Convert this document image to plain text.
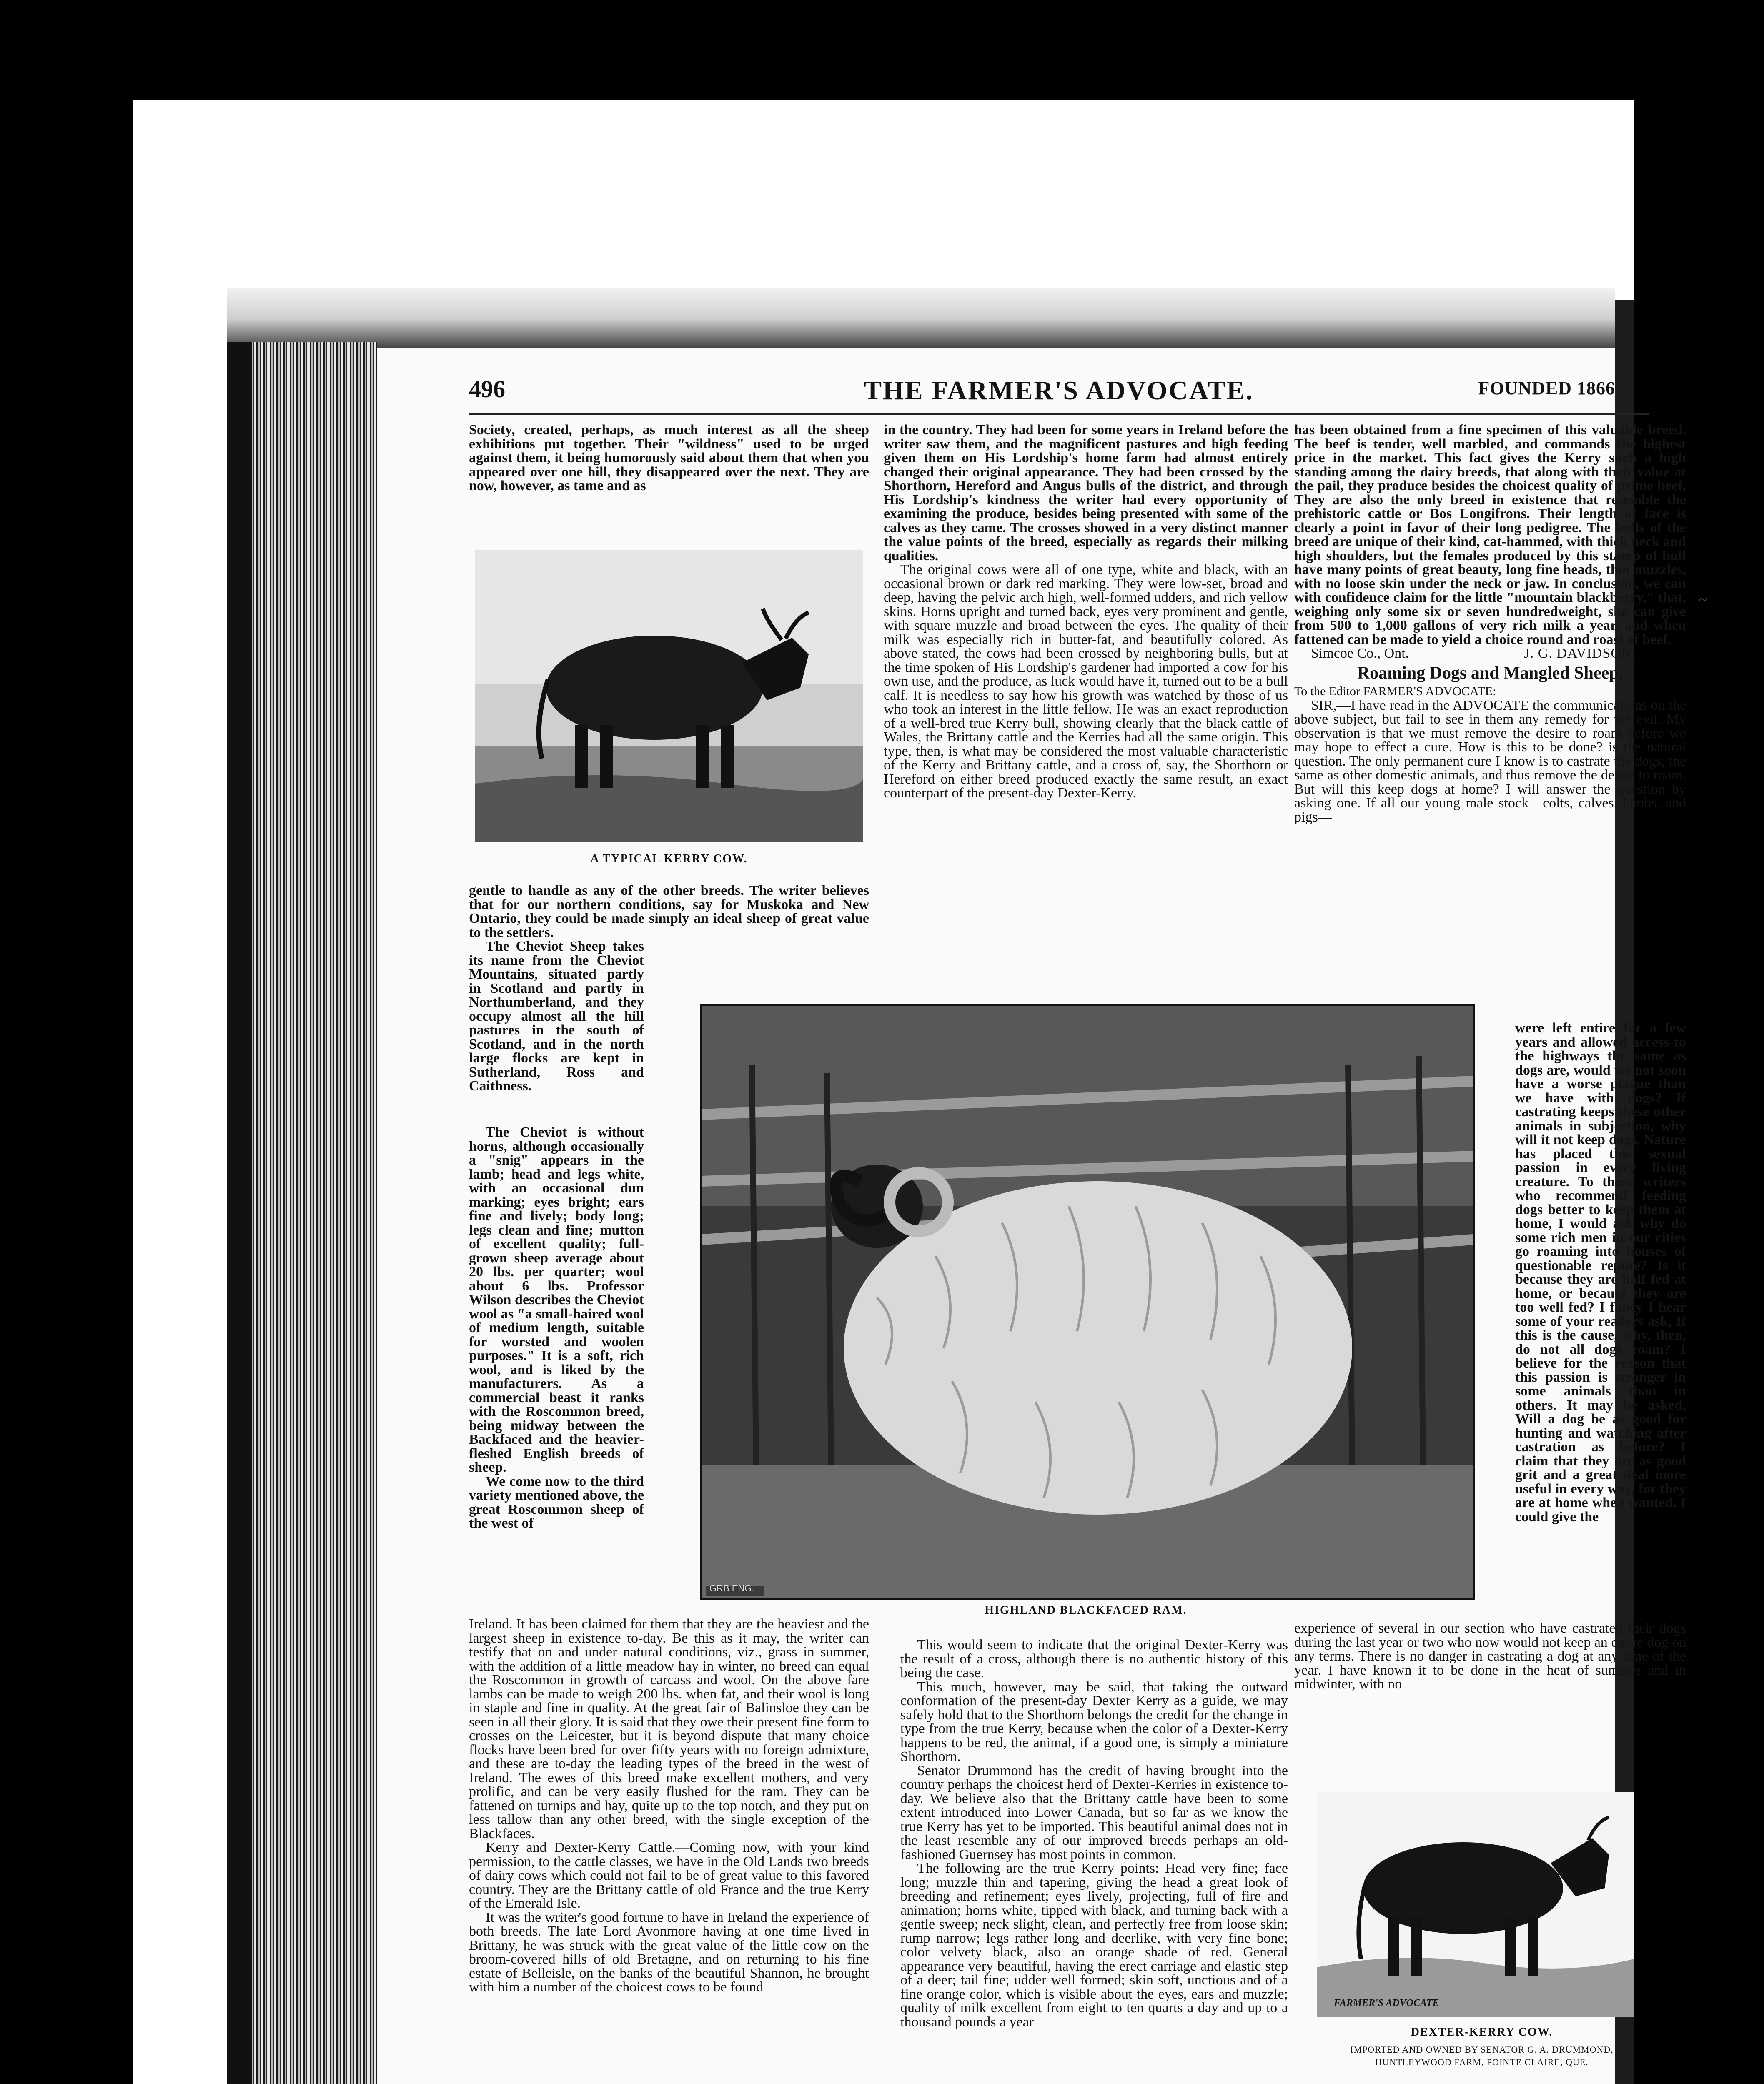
496	THE FARMER'S ADVOCATE.	FOUNDED 1866

Society, created, perhaps, as much interest as all the sheep exhibitions put together. Their "wildness" used to be urged against them, it being humorously said about them that when you appeared over one hill, they disappeared over the next. They are now, however, as tame and as

A TYPICAL KERRY COW.

gentle to handle as any of the other breeds. The writer believes that for our northern conditions, say for Muskoka and New Ontario, they could be made simply an ideal sheep of great value to the settlers.

The Cheviot Sheep takes its name from the Cheviot Mountains, situated partly in Scotland and partly in Northumberland, and they occupy almost all the hill pastures in the south of Scotland, and in the north large flocks are kept in Sutherland, Ross and Caithness.

The Cheviot is without horns, although occasionally a "snig" appears in the lamb; head and legs white, with an occasional dun marking; eyes bright; ears fine and lively; body long; legs clean and fine; mutton of excellent quality; full-grown sheep average about 20 lbs. per quarter; wool about 6 lbs. Professor Wilson describes the Cheviot wool as "a small-haired wool of medium length, suitable for worsted and woolen purposes." It is a soft, rich wool, and is liked by the manufacturers. As a commercial beast it ranks with the Roscommon breed, being midway between the Backfaced and the heavier-fleshed English breeds of sheep.

We come now to the third variety mentioned above, the great Roscommon sheep of the west of

GRB ENG.
HIGHLAND BLACKFACED RAM.

Ireland. It has been claimed for them that they are the heaviest and the largest sheep in existence to-day. Be this as it may, the writer can testify that on and under natural conditions, viz., grass in summer, with the addition of a little meadow hay in winter, no breed can equal the Roscommon in growth of carcass and wool. On the above fare lambs can be made to weigh 200 lbs. when fat, and their wool is long in staple and fine in quality. At the great fair of Balinsloe they can be seen in all their glory. It is said that they owe their present fine form to crosses on the Leicester, but it is beyond dispute that many choice flocks have been bred for over fifty years with no foreign admixture, and these are to-day the leading types of the breed in the west of Ireland. The ewes of this breed make excellent mothers, and very prolific, and can be very easily flushed for the ram. They can be fattened on turnips and hay, quite up to the top notch, and they put on less tallow than any other breed, with the single exception of the Blackfaces.

Kerry and Dexter-Kerry Cattle.—Coming now, with your kind permission, to the cattle classes, we have in the Old Lands two breeds of dairy cows which could not fail to be of great value to this favored country. They are the Brittany cattle of old France and the true Kerry of the Emerald Isle.

It was the writer's good fortune to have in Ireland the experience of both breeds. The late Lord Avonmore having at one time lived in Brittany, he was struck with the great value of the little cow on the broom-covered hills of old Bretagne, and on returning to his fine estate of Belleisle, on the banks of the beautiful Shannon, he brought with him a number of the choicest cows to be found

in the country. They had been for some years in Ireland before the writer saw them, and the magnificent pastures and high feeding given them on His Lordship's home farm had almost entirely changed their original appearance. They had been crossed by the Shorthorn, Hereford and Angus bulls of the district, and through His Lordship's kindness the writer had every opportunity of examining the produce, besides being presented with some of the calves as they came. The crosses showed in a very distinct manner the value points of the breed, especially as regards their milking qualities.

The original cows were all of one type, white and black, with an occasional brown or dark red marking. They were low-set, broad and deep, having the pelvic arch high, well-formed udders, and rich yellow skins. Horns upright and turned back, eyes very prominent and gentle, with square muzzle and broad between the eyes. The quality of their milk was especially rich in butter-fat, and beautifully colored. As above stated, the cows had been crossed by neighboring bulls, but at the time spoken of His Lordship's gardener had imported a cow for his own use, and the produce, as luck would have it, turned out to be a bull calf. It is needless to say how his growth was watched by those of us who took an interest in the little fellow. He was an exact reproduction of a well-bred true Kerry bull, showing clearly that the black cattle of Wales, the Brittany cattle and the Kerries had all the same origin. This type, then, is what may be considered the most valuable characteristic of the Kerry and Brittany cattle, and a cross of, say, the Shorthorn or Hereford on either breed produced exactly the same result, an exact counterpart of the present-day Dexter-Kerry.

This would seem to indicate that the original Dexter-Kerry was the result of a cross, although there is no authentic history of this being the case.

This much, however, may be said, that taking the outward conformation of the present-day Dexter Kerry as a guide, we may safely hold that to the Shorthorn belongs the credit for the change in type from the true Kerry, because when the color of a Dexter-Kerry happens to be red, the animal, if a good one, is simply a miniature Shorthorn.

Senator Drummond has the credit of having brought into the country perhaps the choicest herd of Dexter-Kerries in existence to-day. We believe also that the Brittany cattle have been to some extent introduced into Lower Canada, but so far as we know the true Kerry has yet to be imported. This beautiful animal does not in the least resemble any of our improved breeds perhaps an old-fashioned Guernsey has most points in common.

The following are the true Kerry points: Head very fine; face long; muzzle thin and tapering, giving the head a great look of breeding and refinement; eyes lively, projecting, full of fire and animation; horns white, tipped with black, and turning back with a gentle sweep; neck slight, clean, and perfectly free from loose skin; rump narrow; legs rather long and deerlike, with very fine bone; color velvety black, also an orange shade of red. General appearance very beautiful, having the erect carriage and elastic step of a deer; tail fine; udder well formed; skin soft, unctious and of a fine orange color, which is visible about the eyes, ears and muzzle; quality of milk excellent from eight to ten quarts a day and up to a thousand pounds a year

has been obtained from a fine specimen of this valuable breed. The beef is tender, well marbled, and commands the highest price in the market. This fact gives the Kerry such a high standing among the dairy breeds, that along with their value at the pail, they produce besides the choicest quality of prime beef. They are also the only breed in existence that resemble the prehistoric cattle or Bos Longifrons. Their length of face is clearly a point in favor of their long pedigree. The bulls of the breed are unique of their kind, cat-hammed, with thick neck and high shoulders, but the females produced by this stamp of bull have many points of great beauty, long fine heads, thin muzzles, with no loose skin under the neck or jaw. In conclusion, we can with confidence claim for the little "mountain blackberry," that, weighing only some six or seven hundredweight, she can give from 500 to 1,000 gallons of very rich milk a year, and when fattened can be made to yield a choice round and roast of beef.

Simcoe Co., Ont.	J. G. DAVIDSON.
Roaming Dogs and Mangled Sheep.

To the Editor FARMER'S ADVOCATE:

SIR,—I have read in the ADVOCATE the communications on the above subject, but fail to see in them any remedy for the evil. My observation is that we must remove the desire to roam before we may hope to effect a cure. How is this to be done? is the natural question. The only permanent cure I know is to castrate the dogs, the same as other domestic animals, and thus remove the desire to roam. But will this keep dogs at home? I will answer the question by asking one. If all our young male stock—colts, calves, lambs, and pigs—

were left entire for a few years and allowed access to the highways the same as dogs are, would we not soon have a worse plague than we have with dogs? If castrating keeps these other animals in subjection, why will it not keep dogs. Nature has placed this sexual passion in every living creature. To those writers who recommend feeding dogs better to keep them at home, I would ask why do some rich men in our cities go roaming into houses of questionable repute? Is it because they are half fed at home, or because they are too well fed? I fancy I hear some of your readers ask, If this is the cause, why, then, do not all dogs roam? I believe for the reason that this passion is stronger in some animals than in others. It may be asked, Will a dog be as good for hunting and watching after castration as before? I claim that they are as good grit and a great deal more useful in every way, for they are at home when wanted. I could give the

experience of several in our section who have castrated their dogs during the last year or two who now would not keep an entire dog on any terms. There is no danger in castrating a dog at any time of the year. I have known it to be done in the heat of summer and in midwinter, with no

FARMER'S ADVOCATE
DEXTER-KERRY COW.
IMPORTED AND OWNED BY SENATOR G. A. DRUMMOND,
HUNTLEYWOOD FARM, POINTE CLAIRE, QUE.

~
